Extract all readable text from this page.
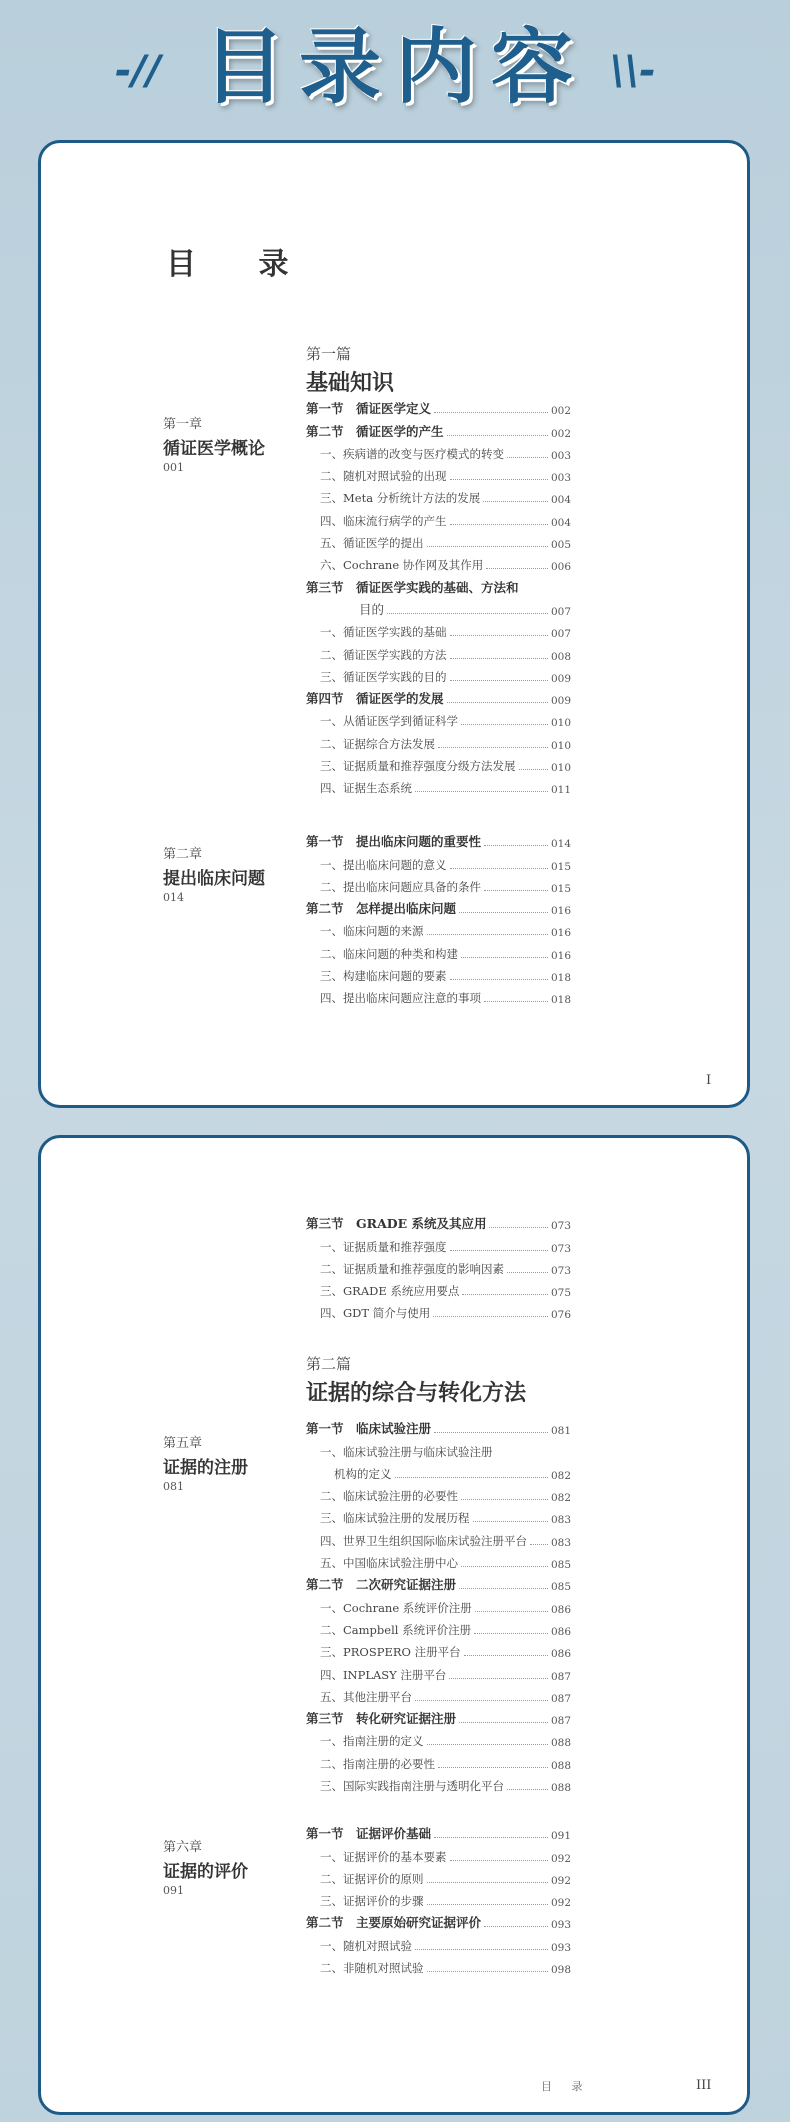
-// 目录内容 \\-
目 录
第一篇
基础知识
第一章
循证医学概论
001
第一节　循证医学定义	002
第二节　循证医学的产生	002
一、疾病谱的改变与医疗模式的转变	003
二、随机对照试验的出现	003
三、Meta 分析统计方法的发展	004
四、临床流行病学的产生	004
五、循证医学的提出	005
六、Cochrane 协作网及其作用	006
第三节　循证医学实践的基础、方法和
目的	007
一、循证医学实践的基础	007
二、循证医学实践的方法	008
三、循证医学实践的目的	009
第四节　循证医学的发展	009
一、从循证医学到循证科学	010
二、证据综合方法发展	010
三、证据质量和推荐强度分级方法发展	010
四、证据生态系统	011
第二章
提出临床问题
014
第一节　提出临床问题的重要性	014
一、提出临床问题的意义	015
二、提出临床问题应具备的条件	015
第二节　怎样提出临床问题	016
一、临床问题的来源	016
二、临床问题的种类和构建	016
三、构建临床问题的要素	018
四、提出临床问题应注意的事项	018
I
第三节　GRADE 系统及其应用	073
一、证据质量和推荐强度	073
二、证据质量和推荐强度的影响因素	073
三、GRADE 系统应用要点	075
四、GDT 简介与使用	076
第二篇
证据的综合与转化方法
第五章
证据的注册
081
第一节　临床试验注册	081
一、临床试验注册与临床试验注册
机构的定义	082
二、临床试验注册的必要性	082
三、临床试验注册的发展历程	083
四、世界卫生组织国际临床试验注册平台 083
五、中国临床试验注册中心	085
第二节　二次研究证据注册	085
一、Cochrane 系统评价注册	086
二、Campbell 系统评价注册	086
三、PROSPERO 注册平台	086
四、INPLASY 注册平台	087
五、其他注册平台	087
第三节　转化研究证据注册	087
一、指南注册的定义	088
二、指南注册的必要性	088
三、国际实践指南注册与透明化平台	088
第六章
证据的评价
091
第一节　证据评价基础	091
一、证据评价的基本要素	092
二、证据评价的原则	092
三、证据评价的步骤	092
第二节　主要原始研究证据评价	093
一、随机对照试验	093
二、非随机对照试验	098
目 录	III
